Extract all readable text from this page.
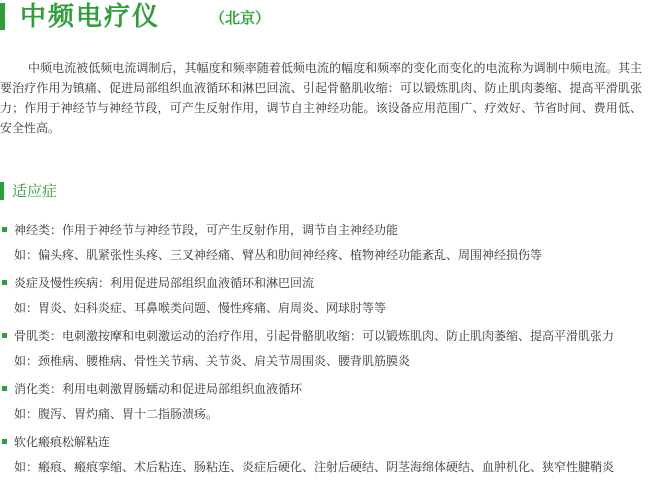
中频电疗仪	（北京）

中频电流被低频电流调制后，其幅度和频率随着低频电流的幅度和频率的变化而变化的电流称为调制中频电流。其主要治疗作用为镇痛、促进局部组织血液循环和淋巴回流、引起骨骼肌收缩：可以锻炼肌肉、防止肌肉萎缩、提高平滑肌张力；作用于神经节与神经节段，可产生反射作用，调节自主神经功能。该设备应用范围广、疗效好、节省时间、费用低、安全性高。

适应症
神经类：作用于神经节与神经节段，可产生反射作用，调节自主神经功能
如：偏头疼、肌紧张性头疼、三叉神经痛、臂丛和肋间神经疼、植物神经功能紊乱、周围神经损伤等
炎症及慢性疾病：利用促进局部组织血液循环和淋巴回流
如：胃炎、妇科炎症、耳鼻喉类问题、慢性疼痛、肩周炎、网球肘等等
骨肌类：电刺激按摩和电刺激运动的治疗作用，引起骨骼肌收缩：可以锻炼肌肉、防止肌肉萎缩、提高平滑肌张力
如：颈椎病、腰椎病、骨性关节病、关节炎、肩关节周围炎、腰背肌筋膜炎
消化类：利用电刺激胃肠蠕动和促进局部组织血液循环
如：腹泻、胃灼痛、胃十二指肠溃疡。
软化瘢痕松解粘连
如：瘢痕、瘢痕挛缩、术后粘连、肠粘连、炎症后硬化、注射后硬结、阴茎海绵体硬结、血肿机化、狭窄性腱鞘炎
